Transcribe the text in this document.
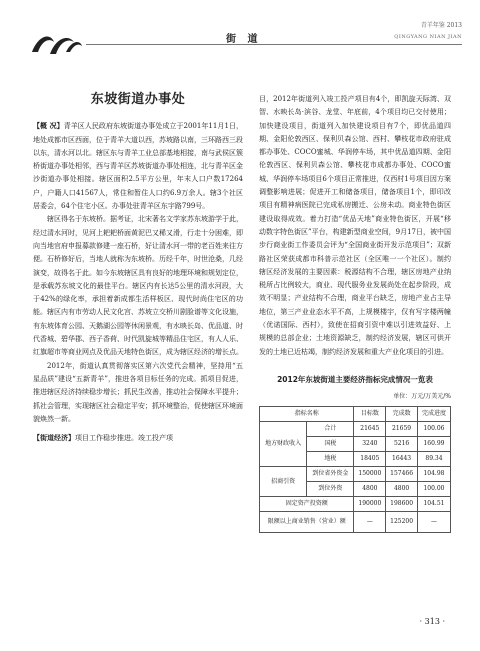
街 道
青羊年鉴 2013
QINGYANG NIAN JIAN
东坡街道办事处

【概 况】青羊区人民政府东坡街道办事处成立于2001年11月1日，地处成都市区西面，位于青羊大道以西，苏坡路以南，三环路西三段以东，清水河以北。辖区东与青羊工业总部基地相接，南与武侯区簇桥街道办事处相邻，西与青羊区苏坡街道办事处相连，北与青羊区金沙街道办事处相接。辖区面积2.5平方公里，年末人口户数17264户，户籍人口41567人，常住和暂住人口约6.9万余人。辖3个社区居委会，64个住宅小区。办事处驻青羊区东宇路799号。

辖区得名于东坡桥。据考证，北宋著名文学家苏东坡游学于此，经过清水河时，见河上耙耙桥面黄泥巴又稀又滑，行走十分困难，即向当地官府申报募款修建一座石桥，好让清水河一带的老百姓来往方便。石桥修好后，当地人就称为东坡桥。历经千年，时世沧桑，几经演变，故得名于此。如今东坡辖区具有良好的地理环境和规划定位，是承载苏东坡文化的最佳平台。辖区内有长达5公里的清水河段，大于42%的绿化率，承担着新成都生活样板区、现代时尚住宅区的功能。辖区内有市劳动人民文化宫、苏坡立交桥川剧脸谱等文化设施，有东坡体育公园、天鹅湖公园等休闲景观，有水映长岛、优品道、时代香城、碧华郡、西子香荷、时代凯旋城等精品住宅区，有人人乐、红旗超市等商业网点及优品天地特色街区，成为辖区经济的增长点。

2012年，街道认真贯彻落实区第六次党代会精神，坚持用“五星品质”建设“五新青羊”，推进各项目标任务的完成。抓项目促进，推进辖区经济持续稳步增长；抓民生改善，推动社会保障水平提升；抓社会管理，实现辖区社会稳定平安；抓环境整治，促使辖区环境面貌焕然一新。

【街道经济】项目工作稳步推进。竣工投产项

目，2012年街道列入竣工投产项目有4个，即凯旋天际湾、双智、水映长岛·滨谷、龙堂、年底前，4个项目均已交付使用；加快建设项目，街道列入加快建设项目有7个，即优品道四期、金阳伦敦西区、保利贝森公馆、西村、攀枝花市政府驻成都办事处、COCO蜜城、华润停车场，其中优品道四期、金阳伦敦西区、保利贝森公馆、攀枝花市成都办事处、COCO蜜城、华润停车场项目6个项目正常推进，仅西村1号项目因方案调整影响进展；促进开工和储备项目，储备项目1个，即印改项目有精神病医院已完成私房搬迁、公房未动。商业特色街区建设取得成效。着力打造“优品天地”商业特色街区，开展“移动数字特色街区”平台，构建新型商业空间，9月17日，被中国步行商业街工作委员会评为“全国商业街开发示范项目”；双新路社区荣获成都市科普示范社区（全区唯一一个社区）。制约辖区经济发展的主要因素：税源结构不合理，辖区房地产业纳税所占比例较大，商业、现代服务业发展尚处在起步阶段，成效不明显；产业结构不合理，商业平台缺乏，房地产业占主导地位，第三产业业态水平不高，上规模楼宇，仅有写字楼两幢（优诺国际、西村），致使在招商引资中难以引进效益好、上规模的总部企业；土地资源缺乏，制约经济发展，辖区可供开发的土地已近枯竭，制约经济发展和重大产业化项目的引进。

2012年东坡街道主要经济指标完成情况一览表
单位：万元/万美元/%
指标名称		目标数	完成数	完成进度
地方财政收入	合计	21645	21659	100.06
	国税	3240	5216	160.99
	地税	18405	16443	89.34
招商引资	到位省外资金	150000	157466	104.98
	到位外资	4800	4800	100.00
固定资产投资额		190000	198600	104.51
限额以上商业销售（营业）额		—	125200	—
· 313 ·
